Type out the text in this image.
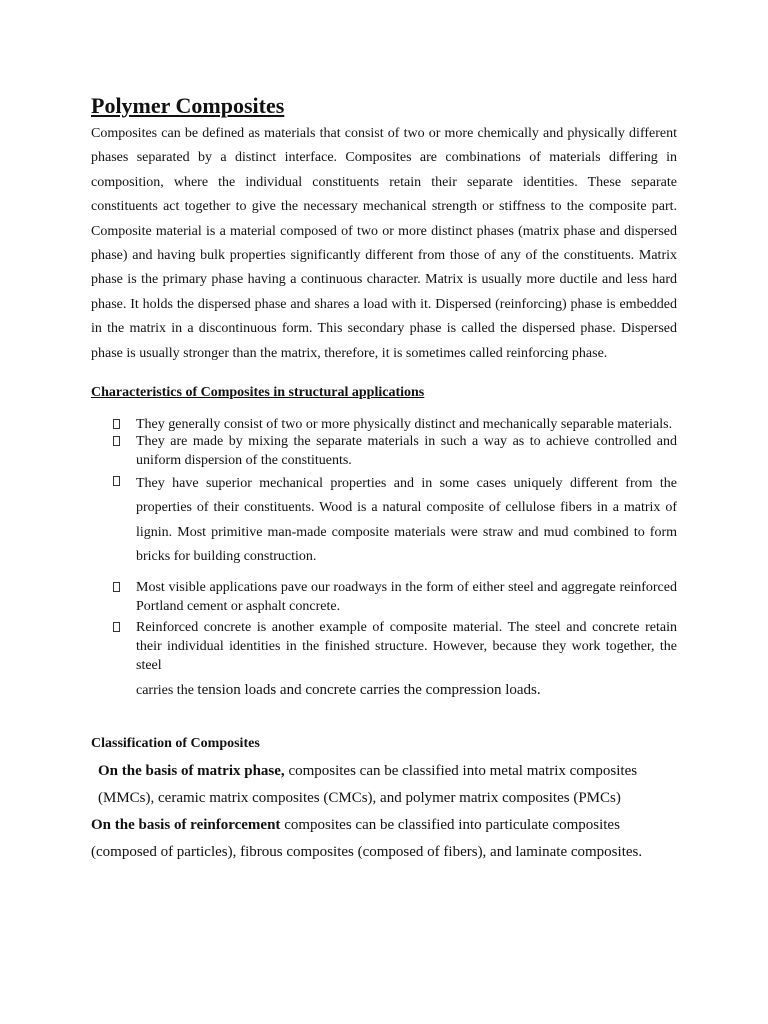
Polymer Composites

Composites can be defined as materials that consist of two or more chemically and physically different phases separated by a distinct interface. Composites are combinations of materials differing in composition, where the individual constituents retain their separate identities. These separate constituents act together to give the necessary mechanical strength or stiffness to the composite part. Composite material is a material composed of two or more distinct phases (matrix phase and dispersed phase) and having bulk properties significantly different from those of any of the constituents. Matrix phase is the primary phase having a continuous character. Matrix is usually more ductile and less hard phase. It holds the dispersed phase and shares a load with it. Dispersed (reinforcing) phase is embedded in the matrix in a discontinuous form. This secondary phase is called the dispersed phase. Dispersed phase is usually stronger than the matrix, therefore, it is sometimes called reinforcing phase.

Characteristics of Composites in structural applications
They generally consist of two or more physically distinct and mechanically separable materials.
They are made by mixing the separate materials in such a way as to achieve controlled and uniform dispersion of the constituents.
They have superior mechanical properties and in some cases uniquely different from the properties of their constituents. Wood is a natural composite of cellulose fibers in a matrix of lignin. Most primitive man-made composite materials were straw and mud combined to form bricks for building construction.
Most visible applications pave our roadways in the form of either steel and aggregate reinforced Portland cement or asphalt concrete.
Reinforced concrete is another example of composite material. The steel and concrete retain their individual identities in the finished structure. However, because they work together, the steel
carries the tension loads and concrete carries the compression loads.
Classification of Composites

On the basis of matrix phase, composites can be classified into metal matrix composites (MMCs), ceramic matrix composites (CMCs), and polymer matrix composites (PMCs)

On the basis of reinforcement composites can be classified into particulate composites (composed of particles), fibrous composites (composed of fibers), and laminate composites.
